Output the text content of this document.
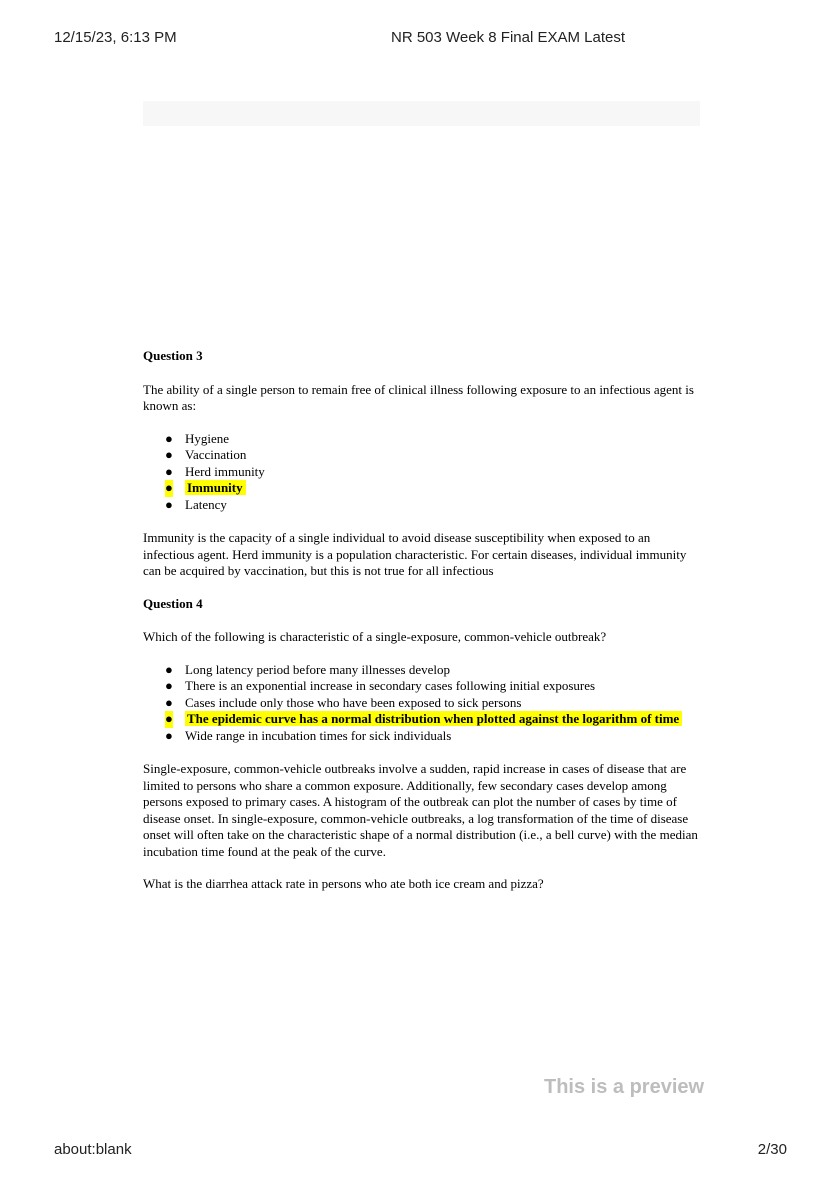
12/15/23, 6:13 PM	NR 503 Week 8 Final EXAM Latest
Question 3
The ability of a single person to remain free of clinical illness following exposure to an infectious agent is known as:
● Hygiene
● Vaccination
● Herd immunity
● Immunity
● Latency
Immunity is the capacity of a single individual to avoid disease susceptibility when exposed to an infectious agent. Herd immunity is a population characteristic. For certain diseases, individual immunity can be acquired by vaccination, but this is not true for all infectious
Question 4
Which of the following is characteristic of a single-exposure, common-vehicle outbreak?
● Long latency period before many illnesses develop
● There is an exponential increase in secondary cases following initial exposures
● Cases include only those who have been exposed to sick persons
● The epidemic curve has a normal distribution when plotted against the logarithm of time
● Wide range in incubation times for sick individuals
Single-exposure, common-vehicle outbreaks involve a sudden, rapid increase in cases of disease that are limited to persons who share a common exposure. Additionally, few secondary cases develop among persons exposed to primary cases. A histogram of the outbreak can plot the number of cases by time of disease onset. In single-exposure, common-vehicle outbreaks, a log transformation of the time of disease onset will often take on the characteristic shape of a normal distribution (i.e., a bell curve) with the median incubation time found at the peak of the curve.
What is the diarrhea attack rate in persons who ate both ice cream and pizza?
This is a preview
about:blank	2/30
